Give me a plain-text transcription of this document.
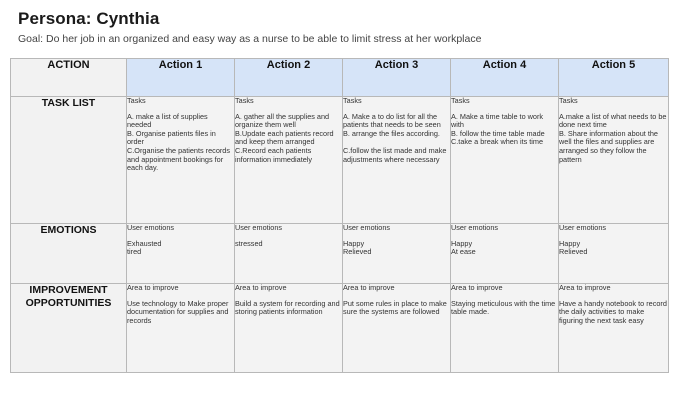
Persona: Cynthia
Goal: Do her job in an organized and easy way as a nurse to be able to limit stress at her workplace
ACTION	Action 1	Action 2	Action 3	Action 4	Action 5
TASK LIST	Tasks
A. make a list of supplies needed
B. Organise patients files in order
C.Organise the patients records and appointment bookings for each day.	Tasks
A. gather all the supplies and organize them well
B.Update each patients record and keep them arranged
C.Record each patients information immediately	Tasks
A. Make a to do list for all the patients that needs to be seen
B. arrange the files according.

C.follow the list made and make adjustments where necessary	Tasks
A. Make a time table to work with
B. follow the time table made
C.take a break when its time	Tasks
A.make a list of what needs to be done next time
B. Share information about the well the files and supplies are arranged so they follow the pattern

EMOTIONS	User emotions
Exhausted
tired	User emotions
stressed	User emotions
Happy
Relieved	User emotions
Happy
At ease	User emotions
Happy
Relieved

IMPROVEMENT OPPORTUNITIES	Area to improve
Use technology to Make proper documentation for supplies and records	Area to improve
Build a system for recording and storing patients information	Area to improve
Put some rules in place to make sure the systems are followed	Area to improve
Staying meticulous with the time table made.	Area to improve
Have a handy notebook to record the daily activities to make figuring the next task easy
